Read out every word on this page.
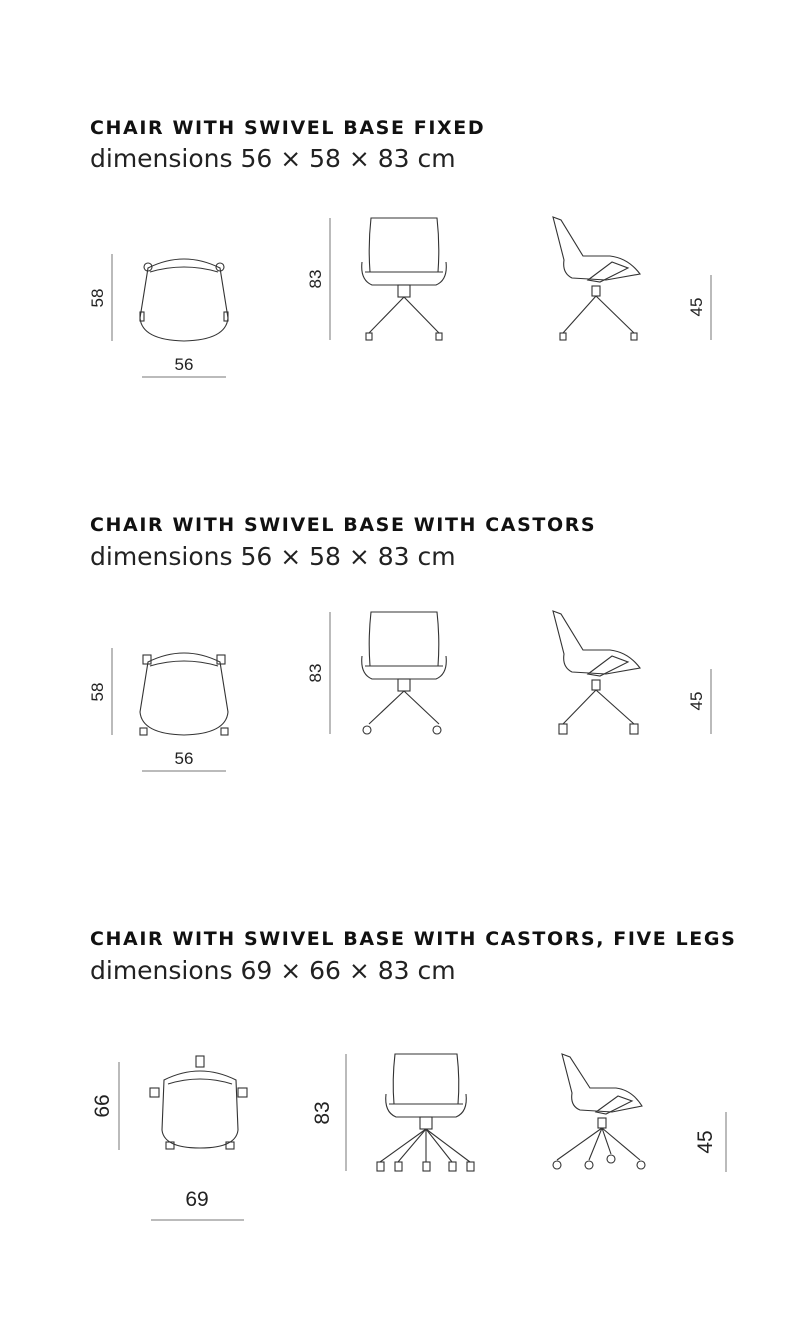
CHAIR WITH SWIVEL BASE FIXED
dimensions 56 × 58 × 83 cm
58
56
83
45
CHAIR WITH SWIVEL BASE WITH CASTORS
dimensions 56 × 58 × 83 cm
58
56
83
45
CHAIR WITH SWIVEL BASE WITH CASTORS, FIVE LEGS
dimensions 69 × 66 × 83 cm
66
69
83
45
